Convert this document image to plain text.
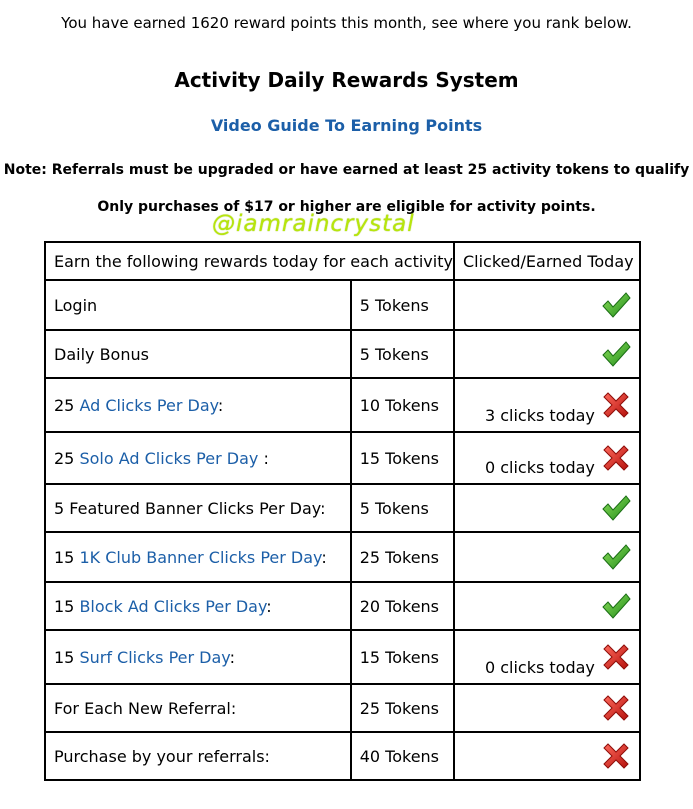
You have earned 1620 reward points this month, see where you rank below.
Activity Daily Rewards System
Video Guide To Earning Points
Note: Referrals must be upgraded or have earned at least 25 activity tokens to qualify
Only purchases of $17 or higher are eligible for activity points.
@iamraincrystal
Earn the following rewards today for each activity		Clicked/Earned Today
Login	5 Tokens	

Daily Bonus	5 Tokens	

25 Ad Clicks Per Day:	10 Tokens	3 clicks today

25 Solo Ad Clicks Per Day :	15 Tokens	0 clicks today

5 Featured Banner Clicks Per Day:	5 Tokens	

15 1K Club Banner Clicks Per Day:	25 Tokens	

15 Block Ad Clicks Per Day:	20 Tokens	

15 Surf Clicks Per Day:	15 Tokens	0 clicks today

For Each New Referral:	25 Tokens	

Purchase by your referrals:	40 Tokens	
